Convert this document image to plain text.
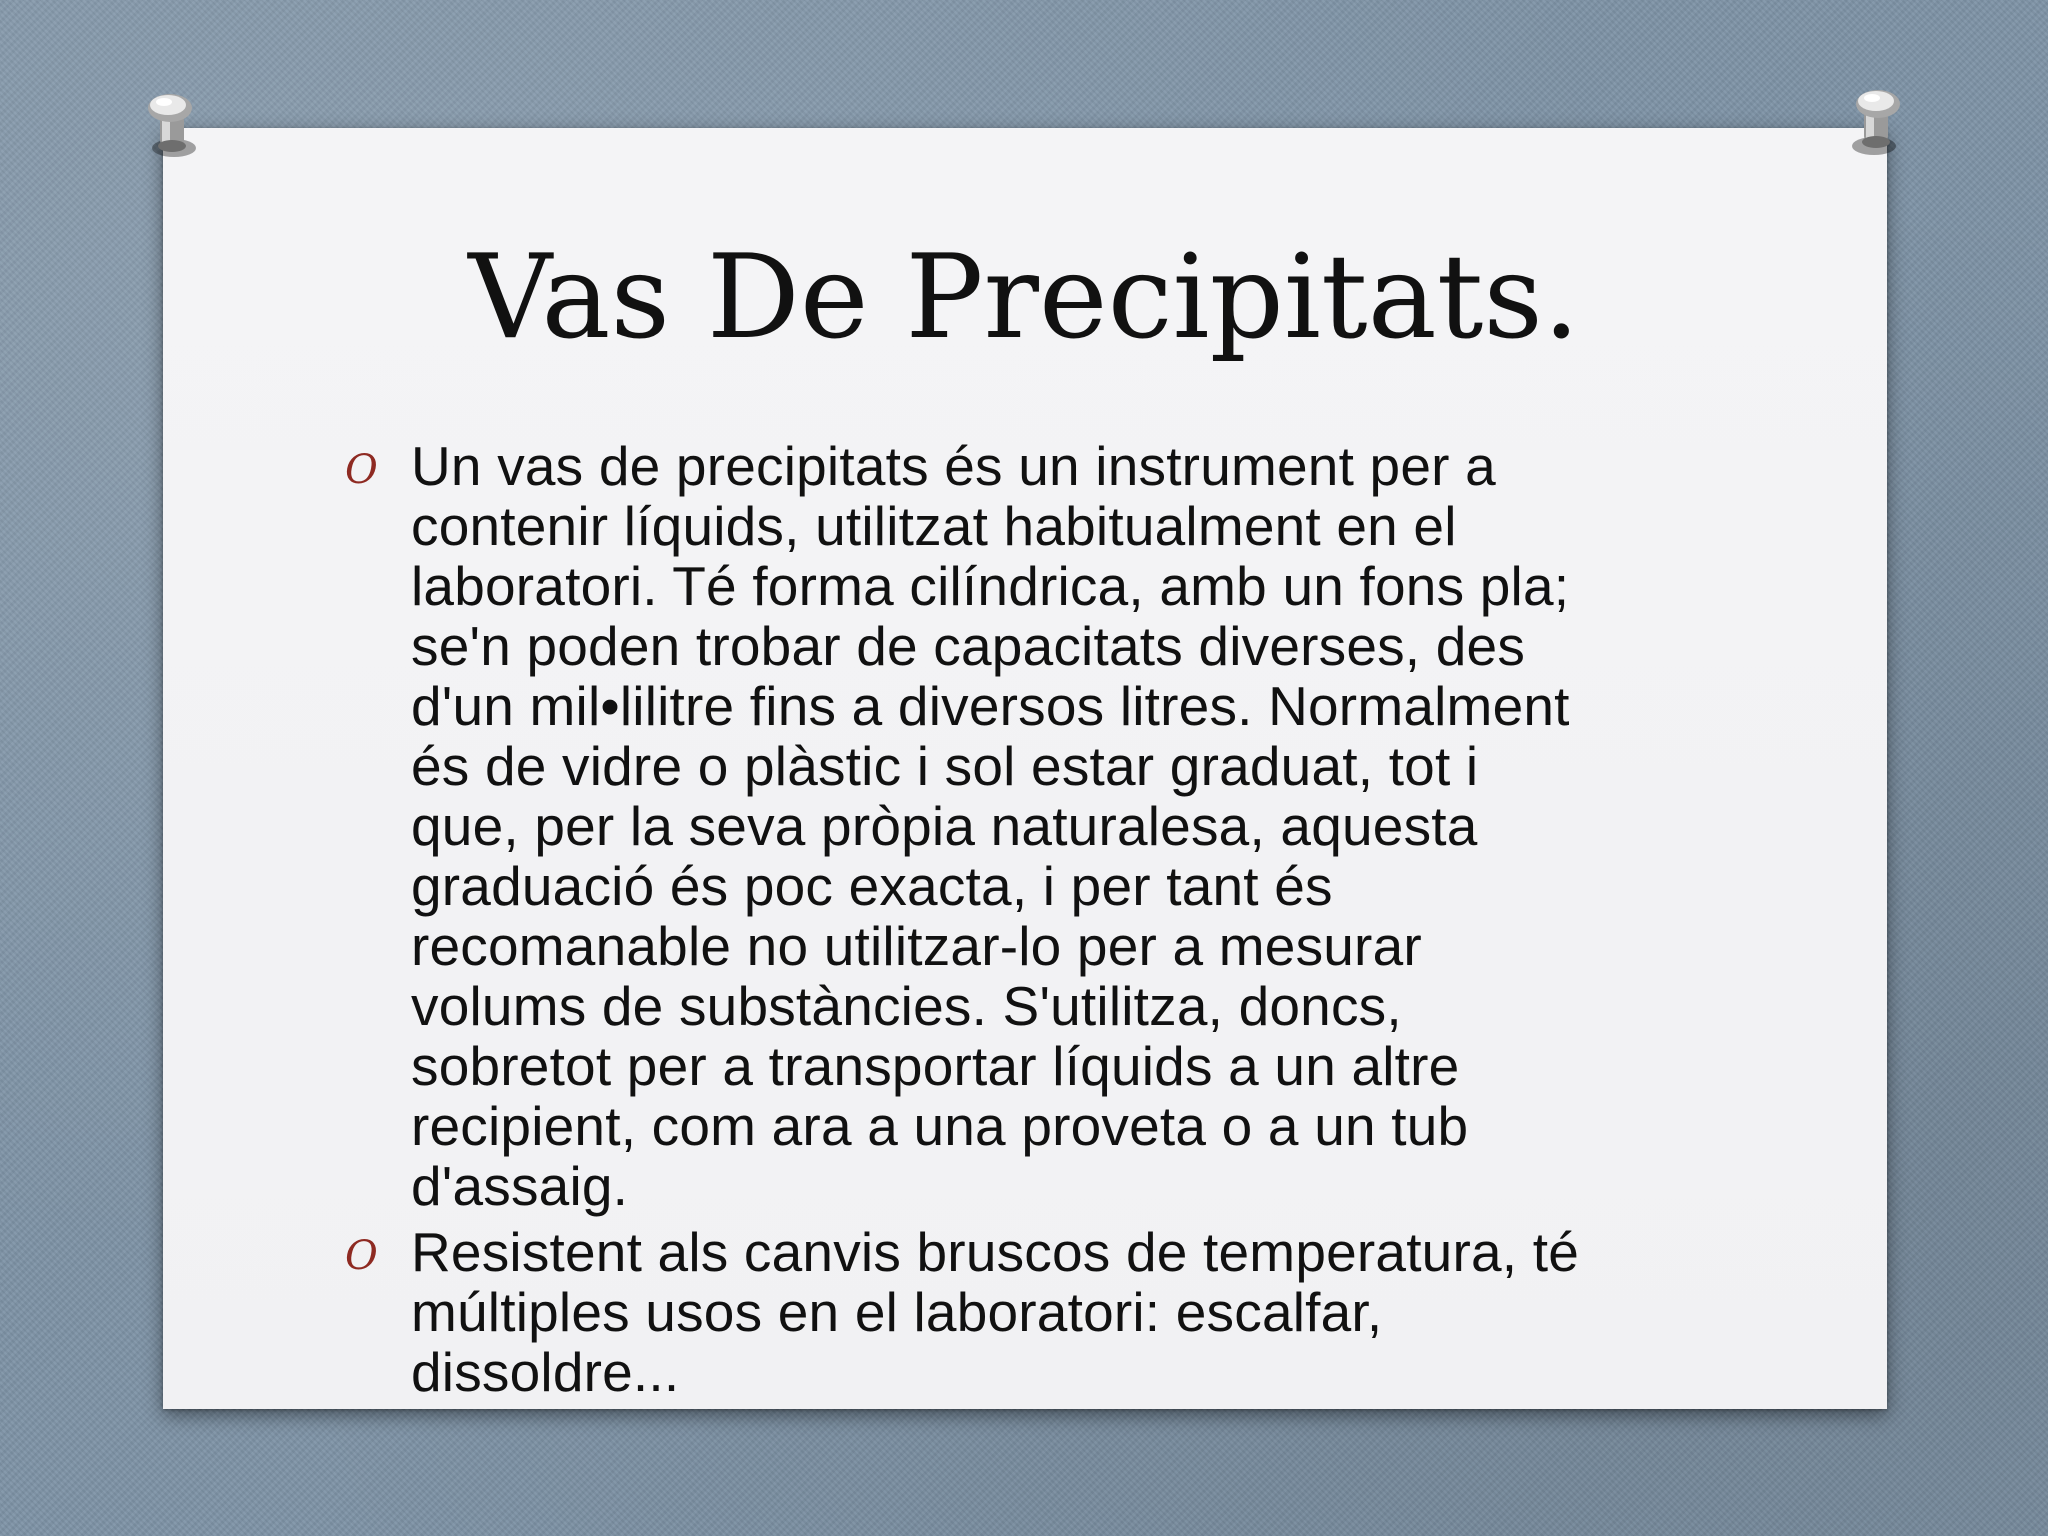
Vas De Precipitats.
O Un vas de precipitats és un instrument per a
contenir líquids, utilitzat habitualment en el
laboratori. Té forma cilíndrica, amb un fons pla;
se'n poden trobar de capacitats diverses, des
d'un mil•lilitre fins a diversos litres. Normalment
és de vidre o plàstic i sol estar graduat, tot i
que, per la seva pròpia naturalesa, aquesta
graduació és poc exacta, i per tant és
recomanable no utilitzar-lo per a mesurar
volums de substàncies. S'utilitza, doncs,
sobretot per a transportar líquids a un altre
recipient, com ara a una proveta o a un tub
d'assaig.
O Resistent als canvis bruscos de temperatura, té
múltiples usos en el laboratori: escalfar,
dissoldre...
